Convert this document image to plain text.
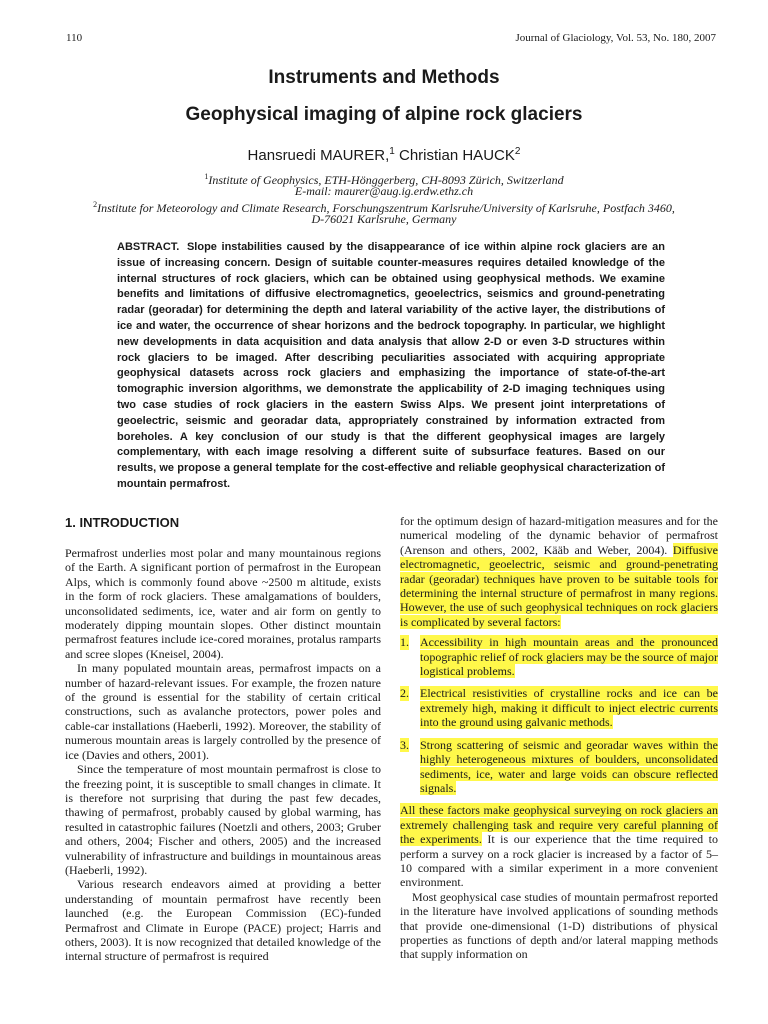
110	Journal of Glaciology, Vol. 53, No. 180, 2007
Instruments and Methods
Geophysical imaging of alpine rock glaciers
Hansruedi MAURER,$^1$ Christian HAUCK$^2$
$^1$Institute of Geophysics, ETH-Hönggerberg, CH-8093 Zürich, Switzerland
E-mail: maurer@aug.ig.erdw.ethz.ch
$^2$Institute for Meteorology and Climate Research, Forschungszentrum Karlsruhe/University of Karlsruhe, Postfach 3460,
D-76021 Karlsruhe, Germany
ABSTRACT. Slope instabilities caused by the disappearance of ice within alpine rock glaciers are an issue of increasing concern. Design of suitable counter-measures requires detailed knowledge of the internal structures of rock glaciers, which can be obtained using geophysical methods. We examine benefits and limitations of diffusive electromagnetics, geoelectrics, seismics and ground-penetrating radar (georadar) for determining the depth and lateral variability of the active layer, the distributions of ice and water, the occurrence of shear horizons and the bedrock topography. In particular, we highlight new developments in data acquisition and data analysis that allow 2-D or even 3-D structures within rock glaciers to be imaged. After describing peculiarities associated with acquiring appropriate geophysical datasets across rock glaciers and emphasizing the importance of state-of-the-art tomographic inversion algorithms, we demonstrate the applicability of 2-D imaging techniques using two case studies of rock glaciers in the eastern Swiss Alps. We present joint interpretations of geoelectric, seismic and georadar data, appropriately constrained by information extracted from boreholes. A key conclusion of our study is that the different geophysical images are largely complementary, with each image resolving a different suite of subsurface features. Based on our results, we propose a general template for the cost-effective and reliable geophysical characterization of mountain permafrost.
1. INTRODUCTION

Permafrost underlies most polar and many mountainous regions of the Earth. A significant portion of permafrost in the European Alps, which is commonly found above ~2500 m altitude, exists in the form of rock glaciers. These amalgamations of boulders, unconsolidated sediments, ice, water and air form on gently to moderately dipping mountain slopes. Other distinct mountain permafrost features include ice-cored moraines, protalus ramparts and scree slopes (Kneisel, 2004).

In many populated mountain areas, permafrost impacts on a number of hazard-relevant issues. For example, the frozen nature of the ground is essential for the stability of certain critical constructions, such as avalanche protectors, power poles and cable-car installations (Haeberli, 1992). Moreover, the stability of numerous mountain areas is largely controlled by the presence of ice (Davies and others, 2001).

Since the temperature of most mountain permafrost is close to the freezing point, it is susceptible to small changes in climate. It is therefore not surprising that during the past few decades, thawing of permafrost, probably caused by global warming, has resulted in catastrophic failures (Noetzli and others, 2003; Gruber and others, 2004; Fischer and others, 2005) and the increased vulnerability of infrastructure and buildings in mountainous areas (Haeberli, 1992).

Various research endeavors aimed at providing a better understanding of mountain permafrost have recently been launched (e.g. the European Commission (EC)-funded Permafrost and Climate in Europe (PACE) project; Harris and others, 2003). It is now recognized that detailed knowledge of the internal structure of permafrost is required

for the optimum design of hazard-mitigation measures and for the numerical modeling of the dynamic behavior of permafrost (Arenson and others, 2002, Kääb and Weber, 2004). Diffusive electromagnetic, geoelectric, seismic and ground-penetrating radar (georadar) techniques have proven to be suitable tools for determining the internal structure of permafrost in many regions. However, the use of such geophysical techniques on rock glaciers is complicated by several factors:

1. Accessibility in high mountain areas and the pronounced topographic relief of rock glaciers may be the source of major logistical problems.
2. Electrical resistivities of crystalline rocks and ice can be extremely high, making it difficult to inject electric currents into the ground using galvanic methods.
3. Strong scattering of seismic and georadar waves within the highly heterogeneous mixtures of boulders, unconsolidated sediments, ice, water and large voids can obscure reflected signals.

All these factors make geophysical surveying on rock glaciers an extremely challenging task and require very careful planning of the experiments. It is our experience that the time required to perform a survey on a rock glacier is increased by a factor of 5–10 compared with a similar experiment in a more convenient environment.

Most geophysical case studies of mountain permafrost reported in the literature have involved applications of sounding methods that provide one-dimensional (1-D) distributions of physical properties as functions of depth and/or lateral mapping methods that supply information on
